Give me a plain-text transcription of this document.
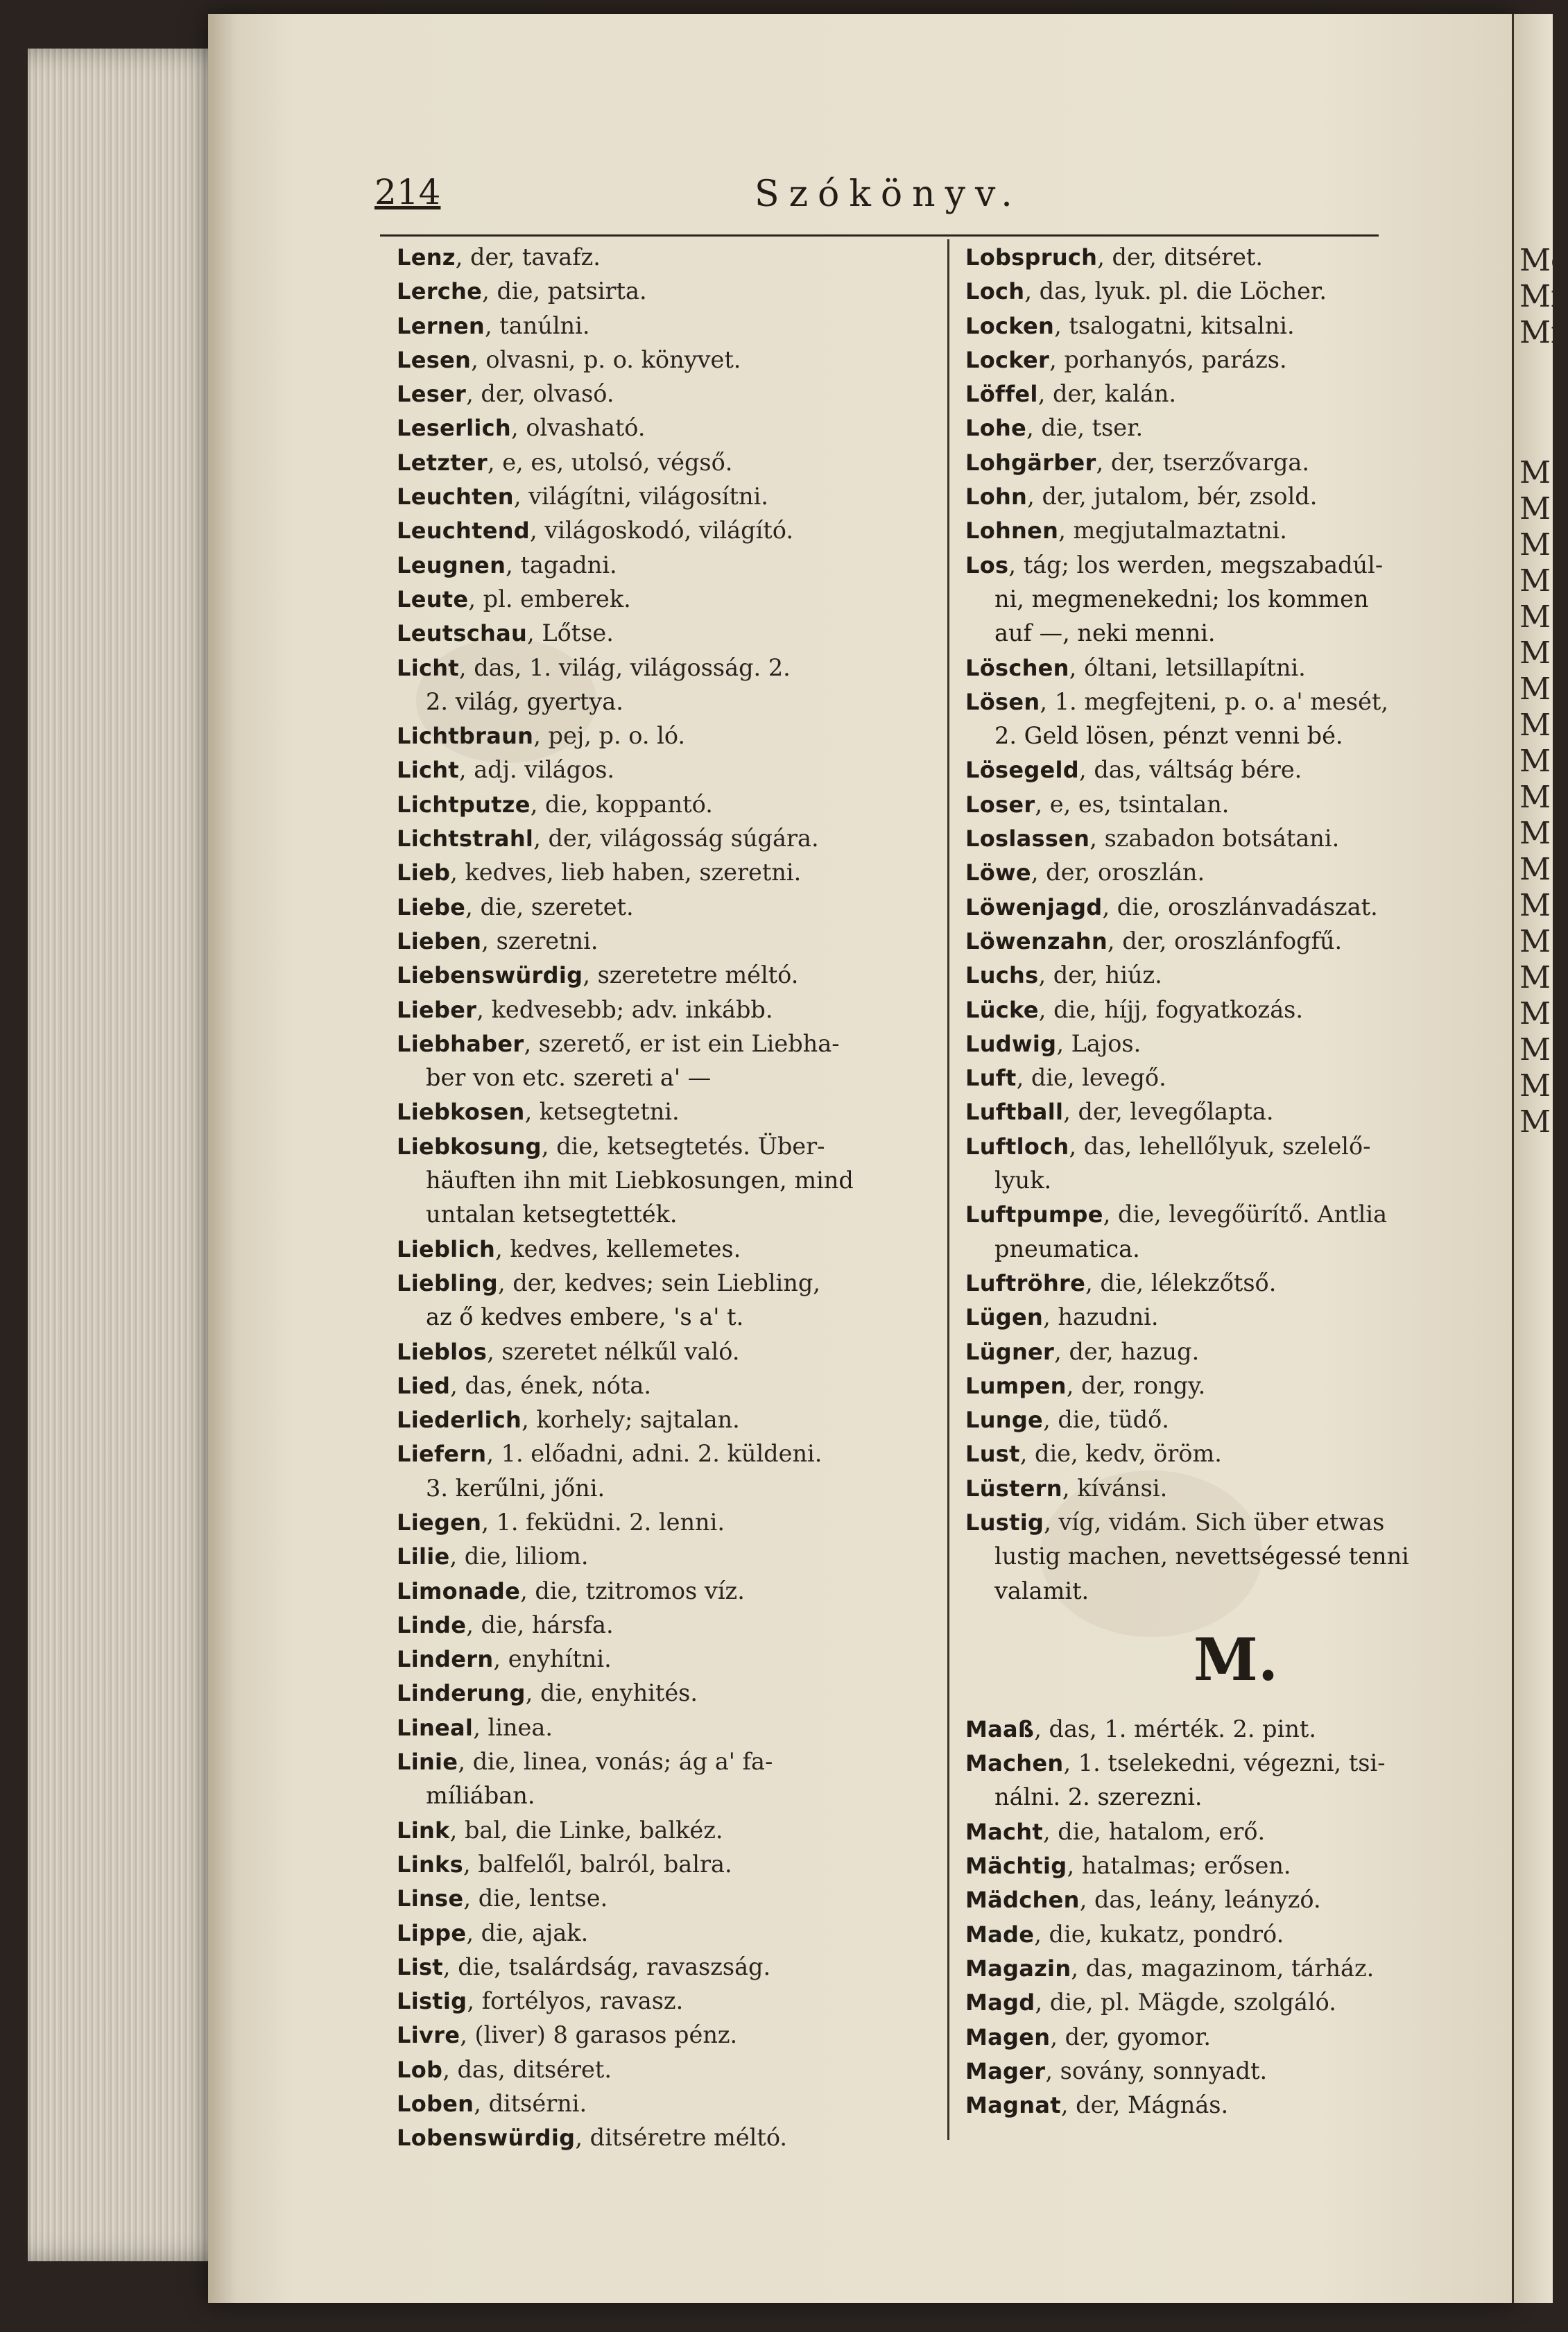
Mc
Mi
Mi
M
M
M
M
M
M
M
M
M
M
M
M
M
M
M
M
M
M
M
214	Szókönyv.
Lenz, der, tavafz.
Lerche, die, patsirta.
Lernen, tanúlni.
Lesen, olvasni, p. o. könyvet.
Leser, der, olvasó.
Leserlich, olvasható.
Letzter, e, es, utolsó, végső.
Leuchten, világítni, világosítni.
Leuchtend, világoskodó, világító.
Leugnen, tagadni.
Leute, pl. emberek.
Leutschau, Lőtse.
Licht, das, 1. világ, világosság. 2.
2. világ, gyertya.
Lichtbraun, pej, p. o. ló.
Licht, adj. világos.
Lichtputze, die, koppantó.
Lichtstrahl, der, világosság súgára.
Lieb, kedves, lieb haben, szeretni.
Liebe, die, szeretet.
Lieben, szeretni.
Liebenswürdig, szeretetre méltó.
Lieber, kedvesebb; adv. inkább.
Liebhaber, szerető, er ist ein Liebha-
ber von etc. szereti a' —
Liebkosen, ketsegtetni.
Liebkosung, die, ketsegtetés. Über-
häuften ihn mit Liebkosungen, mind
untalan ketsegtették.
Lieblich, kedves, kellemetes.
Liebling, der, kedves; sein Liebling,
az ő kedves embere, 's a' t.
Lieblos, szeretet nélkűl való.
Lied, das, ének, nóta.
Liederlich, korhely; sajtalan.
Liefern, 1. előadni, adni. 2. küldeni.
3. kerűlni, jőni.
Liegen, 1. feküdni. 2. lenni.
Lilie, die, liliom.
Limonade, die, tzitromos víz.
Linde, die, hársfa.
Lindern, enyhítni.
Linderung, die, enyhités.
Lineal, linea.
Linie, die, linea, vonás; ág a' fa-
míliában.
Link, bal, die Linke, balkéz.
Links, balfelől, balról, balra.
Linse, die, lentse.
Lippe, die, ajak.
List, die, tsalárdság, ravaszság.
Listig, fortélyos, ravasz.
Livre, (liver) 8 garasos pénz.
Lob, das, ditséret.
Loben, ditsérni.
Lobenswürdig, ditséretre méltó.
Lobspruch, der, ditséret.
Loch, das, lyuk. pl. die Löcher.
Locken, tsalogatni, kitsalni.
Locker, porhanyós, parázs.
Löffel, der, kalán.
Lohe, die, tser.
Lohgärber, der, tserzővarga.
Lohn, der, jutalom, bér, zsold.
Lohnen, megjutalmaztatni.
Los, tág; los werden, megszabadúl-
ni, megmenekedni; los kommen
auf —, neki menni.
Löschen, óltani, letsillapítni.
Lösen, 1. megfejteni, p. o. a' mesét,
2. Geld lösen, pénzt venni bé.
Lösegeld, das, váltság bére.
Loser, e, es, tsintalan.
Loslassen, szabadon botsátani.
Löwe, der, oroszlán.
Löwenjagd, die, oroszlánvadászat.
Löwenzahn, der, oroszlánfogfű.
Luchs, der, hiúz.
Lücke, die, híjj, fogyatkozás.
Ludwig, Lajos.
Luft, die, levegő.
Luftball, der, levegőlapta.
Luftloch, das, lehellőlyuk, szelelő-
lyuk.
Luftpumpe, die, levegőürítő. Antlia
pneumatica.
Luftröhre, die, lélekzőtső.
Lügen, hazudni.
Lügner, der, hazug.
Lumpen, der, rongy.
Lunge, die, tüdő.
Lust, die, kedv, öröm.
Lüstern, kívánsi.
Lustig, víg, vidám. Sich über etwas
lustig machen, nevettségessé tenni
valamit.
M.
Maaß, das, 1. mérték. 2. pint.
Machen, 1. tselekedni, végezni, tsi-
nálni. 2. szerezni.
Macht, die, hatalom, erő.
Mächtig, hatalmas; erősen.
Mädchen, das, leány, leányzó.
Made, die, kukatz, pondró.
Magazin, das, magazinom, tárház.
Magd, die, pl. Mägde, szolgáló.
Magen, der, gyomor.
Mager, sovány, sonnyadt.
Magnat, der, Mágnás.
